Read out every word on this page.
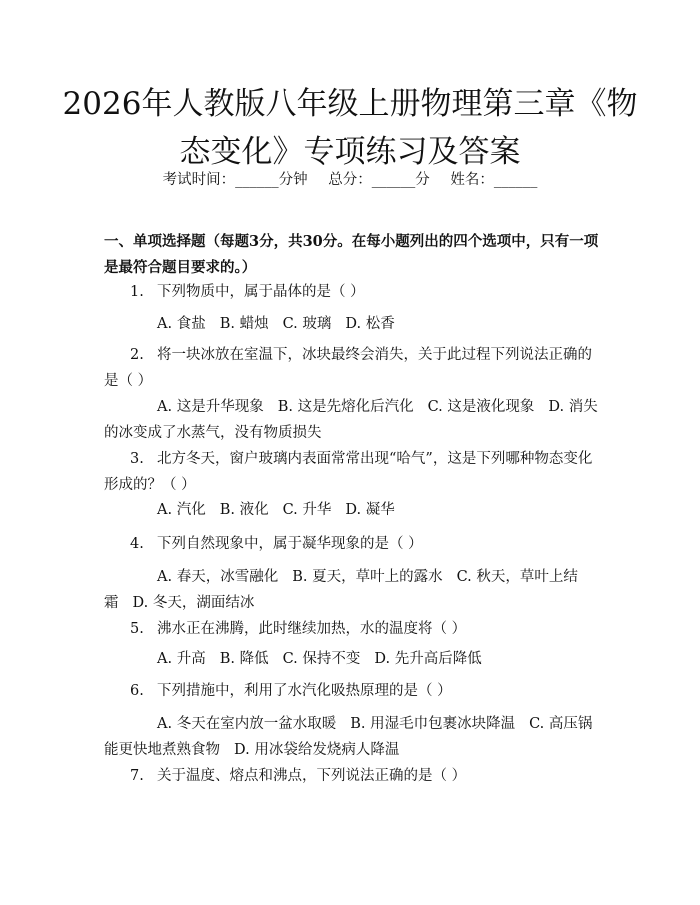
2026年人教版八年级上册物理第三章《物态变化》专项练习及答案
考试时间：______分钟 总分：______分 姓名：______
一、单项选择题（每题3分，共30分。在每小题列出的四个选项中，只有一项是最符合题目要求的。）
1. 下列物质中，属于晶体的是（ ）
A. 食盐 B. 蜡烛 C. 玻璃 D. 松香
2. 将一块冰放在室温下，冰块最终会消失，关于此过程下列说法正确的是（ ）
A. 这是升华现象 B. 这是先熔化后汽化 C. 这是液化现象 D. 消失的冰变成了水蒸气，没有物质损失
3. 北方冬天，窗户玻璃内表面常常出现“哈气”，这是下列哪种物态变化形成的？（ ）
A. 汽化 B. 液化 C. 升华 D. 凝华
4. 下列自然现象中，属于凝华现象的是（ ）
A. 春天，冰雪融化 B. 夏天，草叶上的露水 C. 秋天，草叶上结霜 D. 冬天，湖面结冰
5. 沸水正在沸腾，此时继续加热，水的温度将（ ）
A. 升高 B. 降低 C. 保持不变 D. 先升高后降低
6. 下列措施中，利用了水汽化吸热原理的是（ ）
A. 冬天在室内放一盆水取暖 B. 用湿毛巾包裹冰块降温 C. 高压锅能更快地煮熟食物 D. 用冰袋给发烧病人降温
7. 关于温度、熔点和沸点，下列说法正确的是（ ）
